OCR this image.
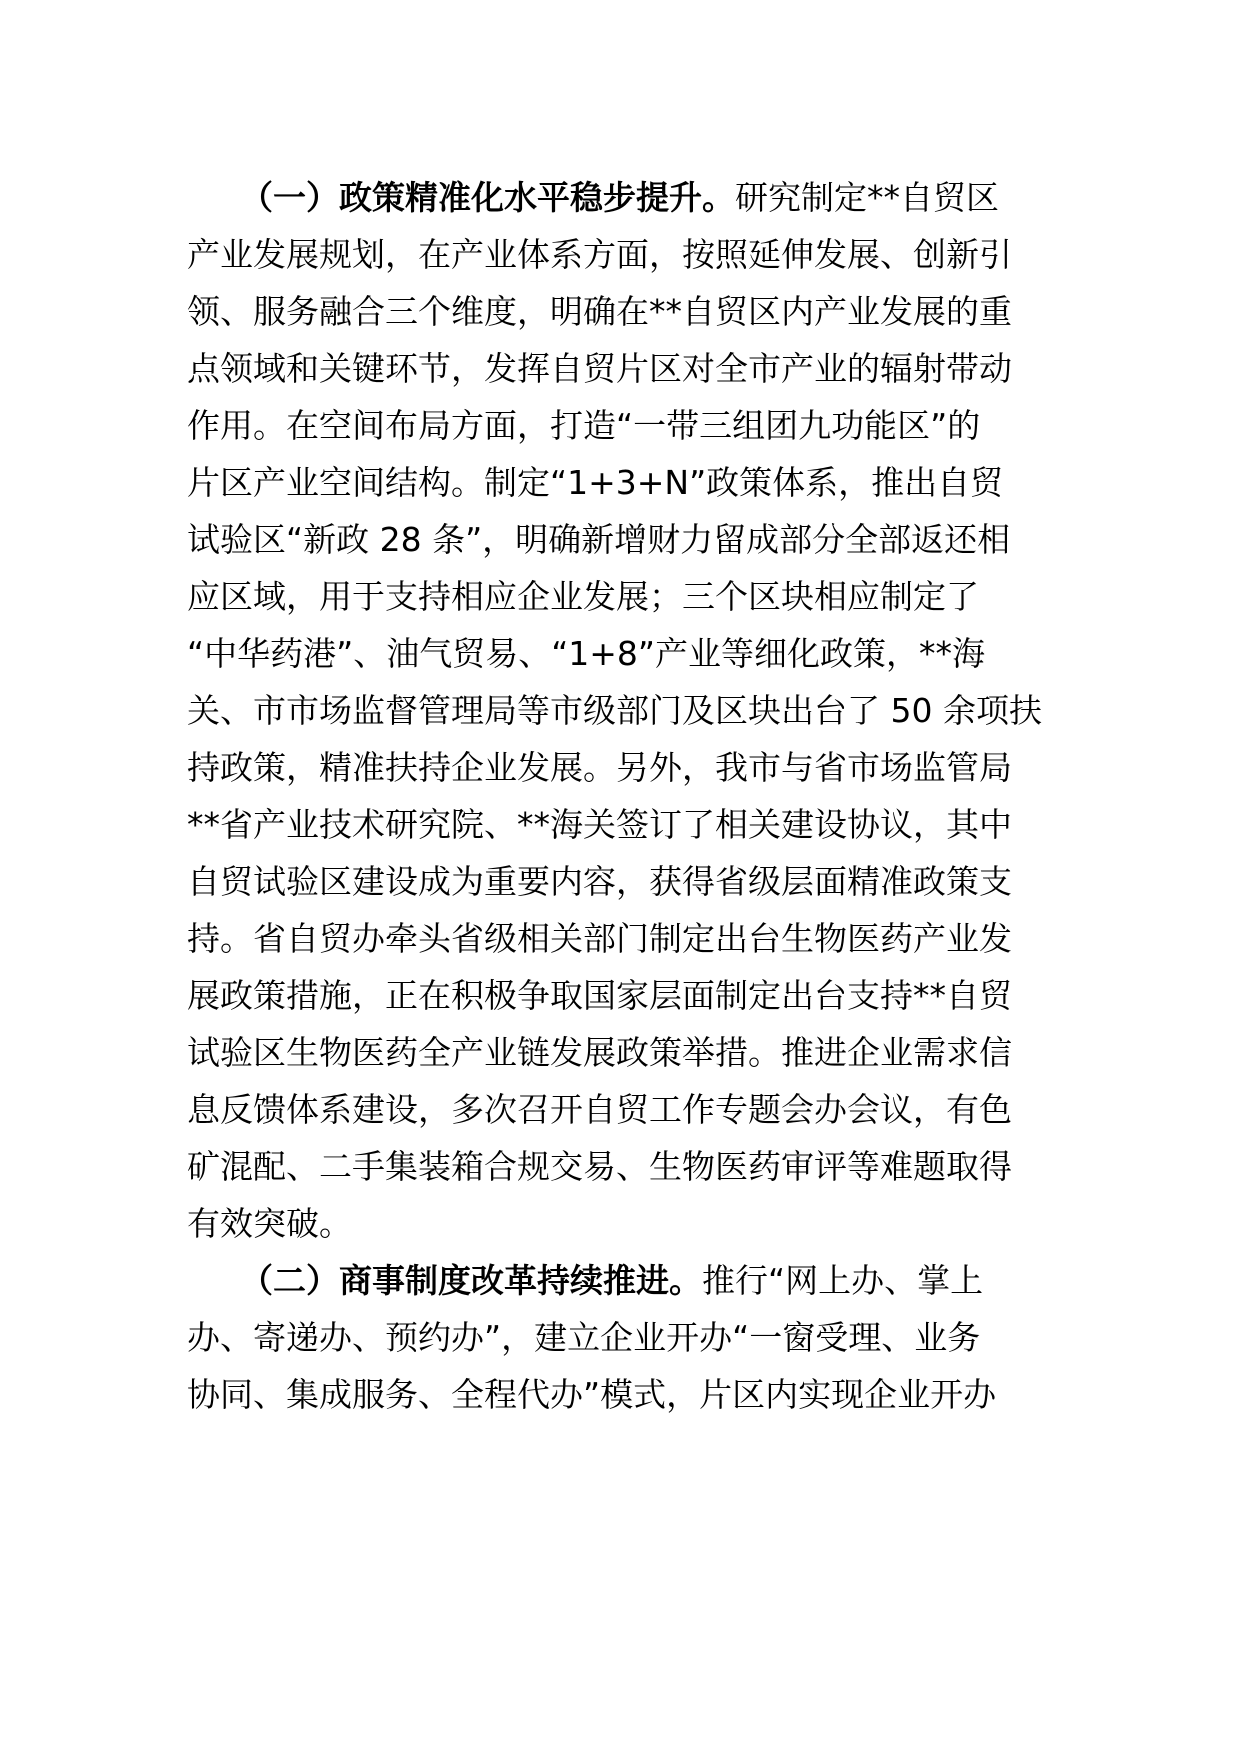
（一）政策精准化水平稳步提升。研究制定**自贸区
产业发展规划，在产业体系方面，按照延伸发展、创新引
领、服务融合三个维度，明确在**自贸区内产业发展的重
点领域和关键环节，发挥自贸片区对全市产业的辐射带动
作用。在空间布局方面，打造“一带三组团九功能区”的
片区产业空间结构。制定“1+3+N”政策体系，推出自贸
试验区“新政 28 条”，明确新增财力留成部分全部返还相
应区域，用于支持相应企业发展；三个区块相应制定了
“中华药港”、油气贸易、“1+8”产业等细化政策，**海
关、市市场监督管理局等市级部门及区块出台了 50 余项扶
持政策，精准扶持企业发展。另外，我市与省市场监管局
**省产业技术研究院、**海关签订了相关建设协议，其中
自贸试验区建设成为重要内容，获得省级层面精准政策支
持。省自贸办牵头省级相关部门制定出台生物医药产业发
展政策措施，正在积极争取国家层面制定出台支持**自贸
试验区生物医药全产业链发展政策举措。推进企业需求信
息反馈体系建设，多次召开自贸工作专题会办会议，有色
矿混配、二手集装箱合规交易、生物医药审评等难题取得
有效突破。
（二）商事制度改革持续推进。推行“网上办、掌上
办、寄递办、预约办”，建立企业开办“一窗受理、业务
协同、集成服务、全程代办”模式，片区内实现企业开办
